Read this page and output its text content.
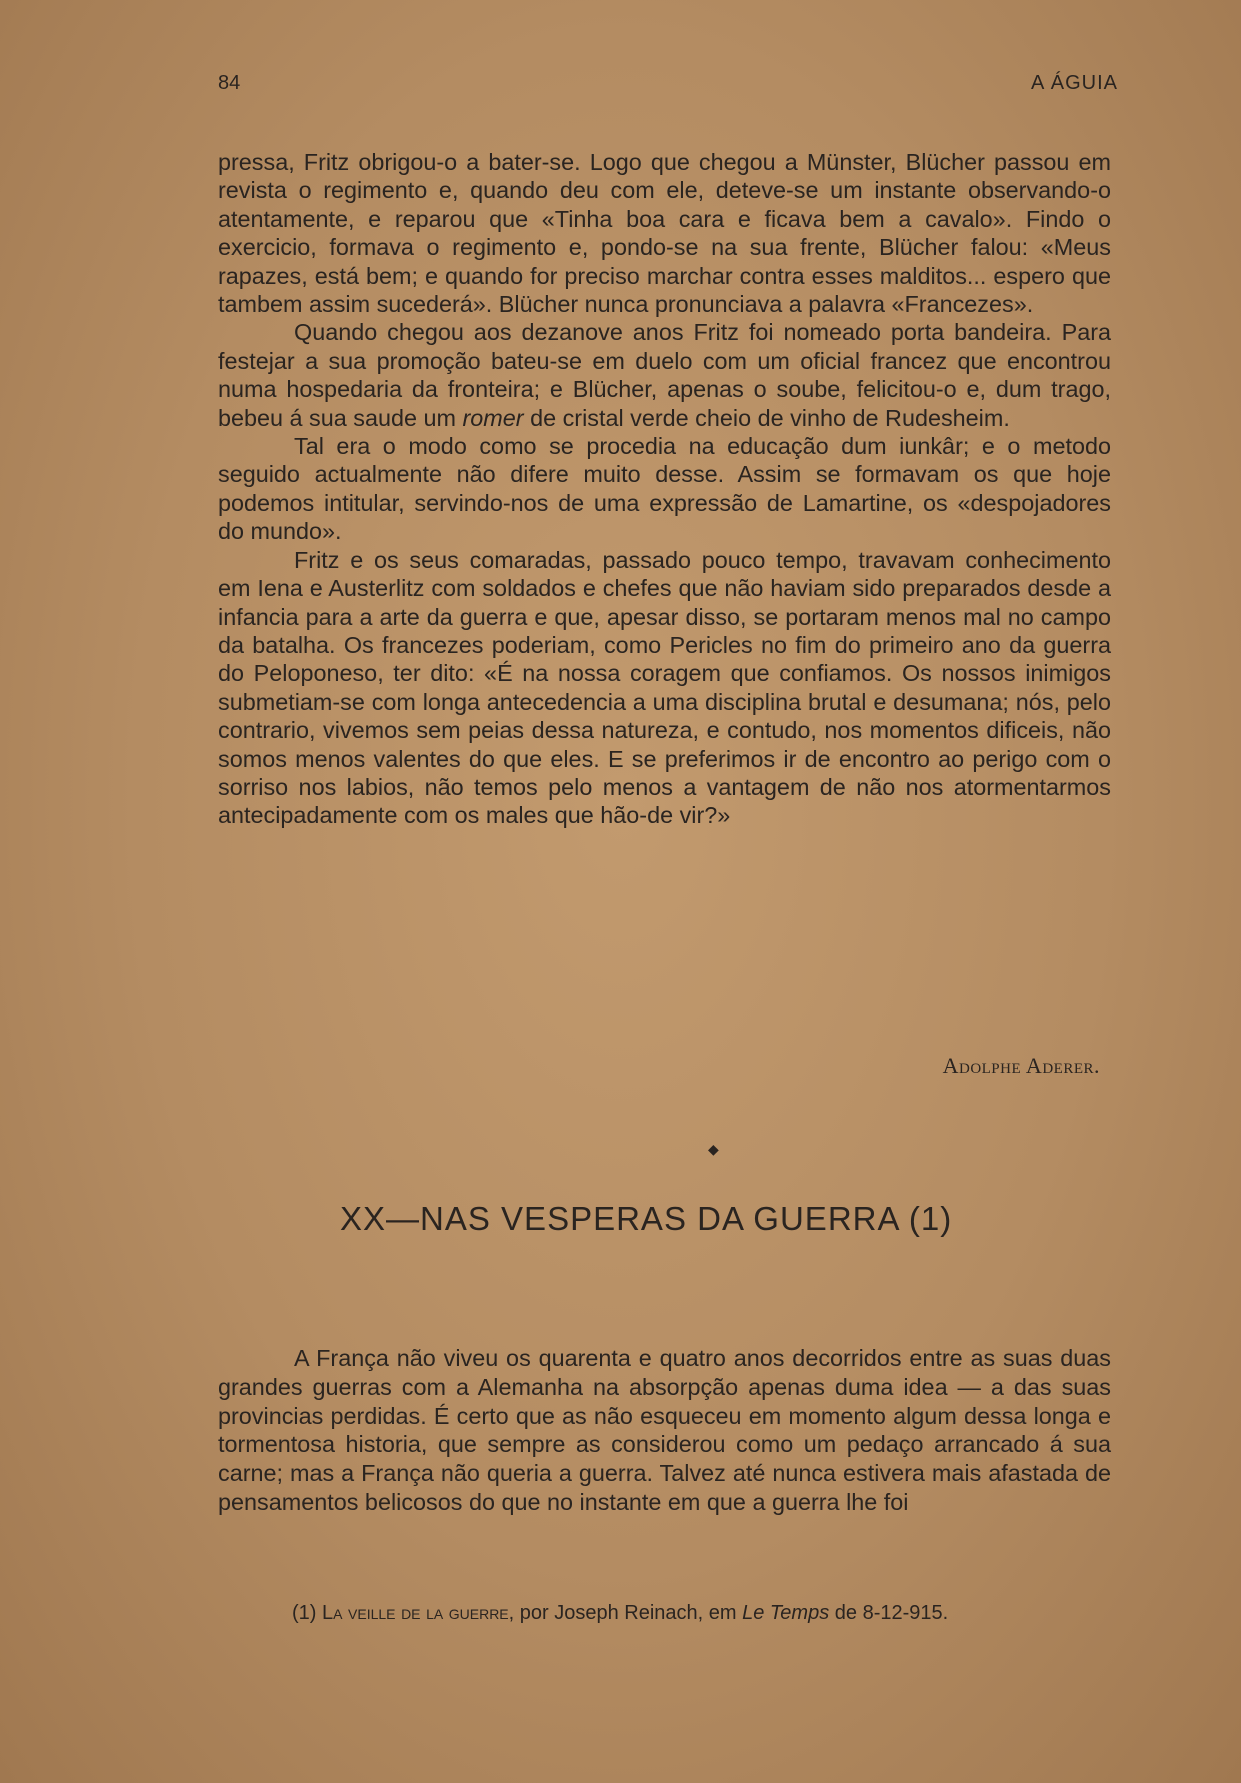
84	A ÁGUIA

pressa, Fritz obrigou-o a bater-se. Logo que chegou a Münster, Blücher passou em revista o regimento e, quando deu com ele, deteve-se um instante observando-o atentamente, e reparou que «Tinha boa cara e ficava bem a cavalo». Findo o exercicio, formava o regimento e, pondo-se na sua frente, Blücher falou: «Meus rapazes, está bem; e quando for preciso marchar contra esses malditos... espero que tambem assim sucederá». Blücher nunca pronunciava a palavra «Francezes».

Quando chegou aos dezanove anos Fritz foi nomeado porta bandeira. Para festejar a sua promoção bateu-se em duelo com um oficial francez que encontrou numa hospedaria da fronteira; e Blücher, apenas o soube, felicitou-o e, dum trago, bebeu á sua saude um romer de cristal verde cheio de vinho de Rudesheim.

Tal era o modo como se procedia na educação dum iunkâr; e o metodo seguido actualmente não difere muito desse. Assim se formavam os que hoje podemos intitular, servindo-nos de uma expressão de Lamartine, os «despojadores do mundo».

Fritz e os seus comaradas, passado pouco tempo, travavam conhecimento em Iena e Austerlitz com soldados e chefes que não haviam sido preparados desde a infancia para a arte da guerra e que, apesar disso, se portaram menos mal no campo da batalha. Os francezes poderiam, como Pericles no fim do primeiro ano da guerra do Peloponeso, ter dito: «É na nossa coragem que confiamos. Os nossos inimigos submetiam-se com longa antecedencia a uma disciplina brutal e desumana; nós, pelo contrario, vivemos sem peias dessa natureza, e contudo, nos momentos dificeis, não somos menos valentes do que eles. E se preferimos ir de encontro ao perigo com o sorriso nos labios, não temos pelo menos a vantagem de não nos atormentarmos antecipadamente com os males que hão-de vir?»

Adolphe Aderer.
◆
XX—NAS VESPERAS DA GUERRA (1)

A França não viveu os quarenta e quatro anos decorridos entre as suas duas grandes guerras com a Alemanha na absorpção apenas duma idea — a das suas provincias perdidas. É certo que as não esqueceu em momento algum dessa longa e tormentosa historia, que sempre as considerou como um pedaço arrancado á sua carne; mas a França não queria a guerra. Talvez até nunca estivera mais afastada de pensamentos belicosos do que no instante em que a guerra lhe foi

(1) La veille de la guerre, por Joseph Reinach, em Le Temps de 8-12-915.
